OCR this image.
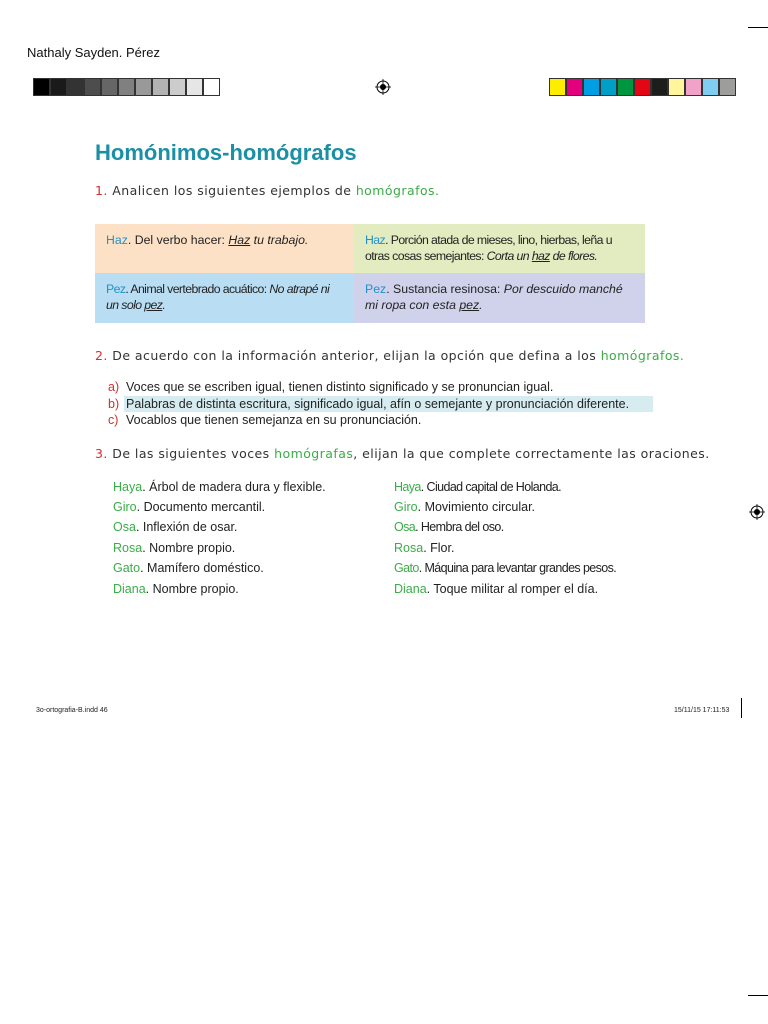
Nathaly Sayden. Pérez
Homónimos-homógrafos
1. Analicen los siguientes ejemplos de homógrafos.
Haz. Del verbo hacer: Haz tu trabajo.	Haz. Porción atada de mieses, lino, hierbas, leña u otras cosas semejantes: Corta un haz de flores.
Pez. Animal vertebrado acuático: No atrapé ni un solo pez.
Pez. Sustancia resinosa: Por descuido manché mi ropa con esta pez.
2. De acuerdo con la información anterior, elijan la opción que defina a los homógrafos.
a) Voces que se escriben igual, tienen distinto significado y se pronuncian igual.
b) Palabras de distinta escritura, significado igual, afín o semejante y pronunciación diferente.
c) Vocablos que tienen semejanza en su pronunciación.
3. De las siguientes voces homógrafas, elijan la que complete correctamente las oraciones.
Haya. Árbol de madera dura y flexible.
Giro. Documento mercantil.
Osa. Inflexión de osar.
Rosa. Nombre propio.
Gato. Mamífero doméstico.
Diana. Nombre propio.
Haya. Ciudad capital de Holanda.
Giro. Movimiento circular.
Osa. Hembra del oso.
Rosa. Flor.
Gato. Máquina para levantar grandes pesos.
Diana. Toque militar al romper el día.
3o-ortografia-B.indd 46	15/11/15 17:11:53
